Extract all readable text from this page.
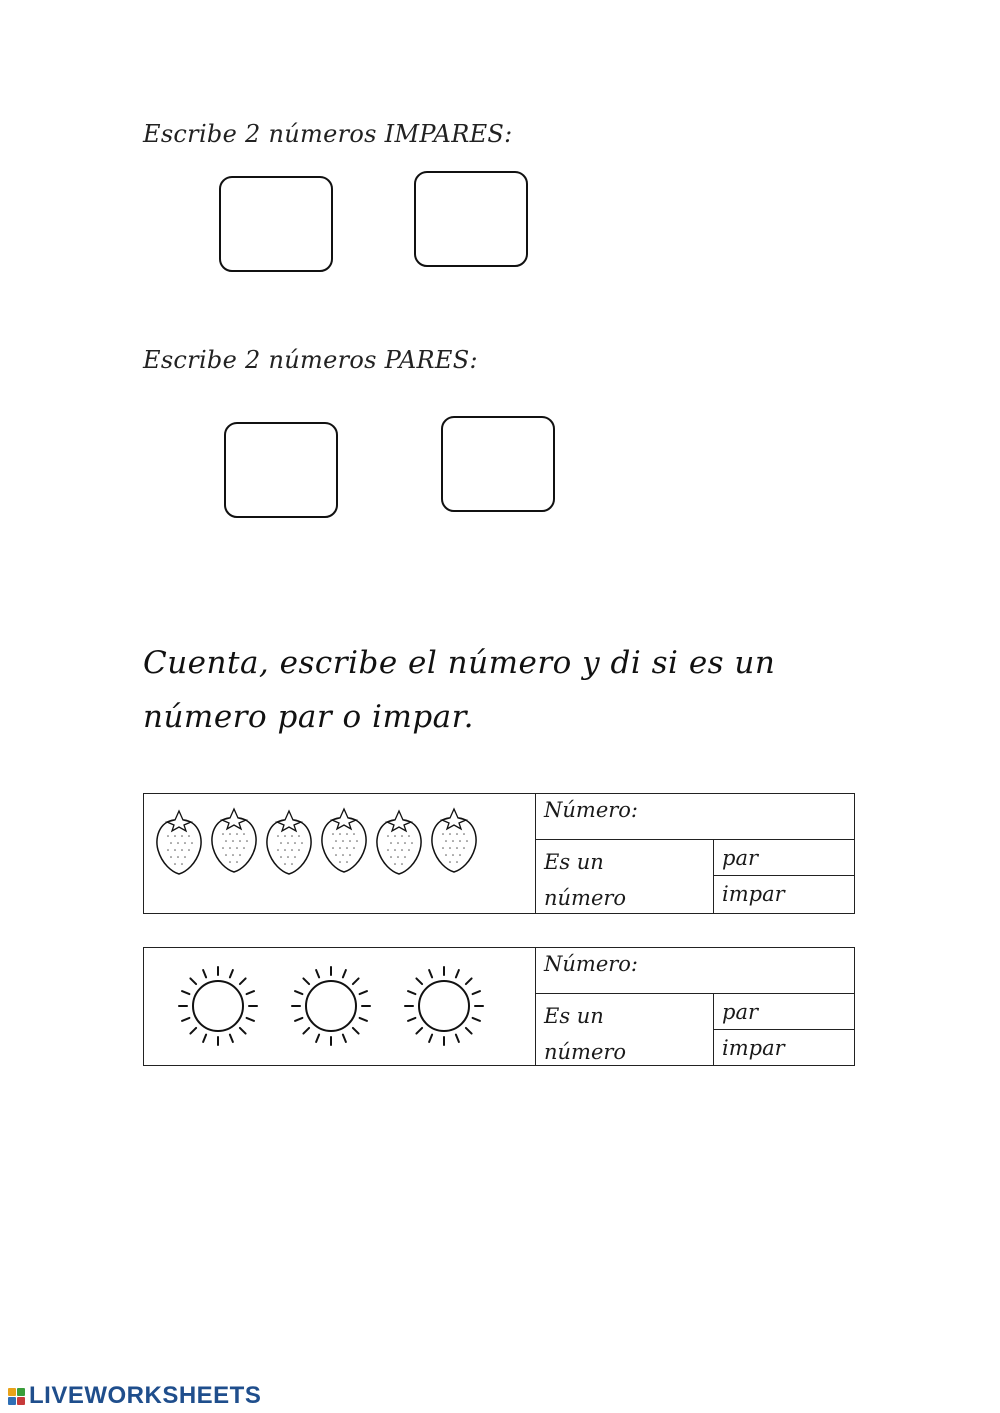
Escribe 2 números IMPARES:

Escribe 2 números PARES:

Cuenta, escribe el número y di si es un

número par o impar.

Número:
Es un
número
par
impar
Número:
Es un
número
par
impar
LIVEWORKSHEETS
